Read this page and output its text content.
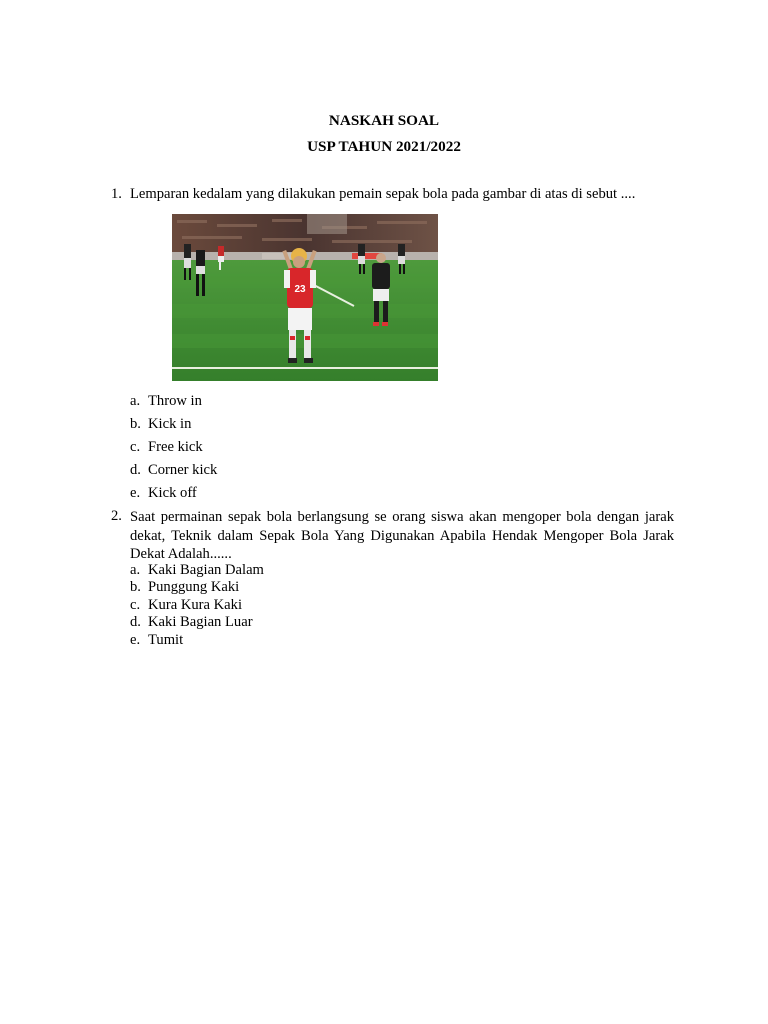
NASKAH SOAL
USP TAHUN 2021/2022
1. Lemparan kedalam yang dilakukan pemain sepak bola pada gambar di atas di sebut ....
23
a. Throw in
b. Kick in
c. Free kick
d. Corner kick
e. Kick off
2. Saat permainan sepak bola berlangsung se orang siswa akan mengoper bola dengan jarak dekat, Teknik dalam Sepak Bola Yang Digunakan Apabila Hendak Mengoper Bola Jarak Dekat Adalah......
a. Kaki Bagian Dalam
b. Punggung Kaki
c. Kura Kura Kaki
d. Kaki Bagian Luar
e. Tumit
